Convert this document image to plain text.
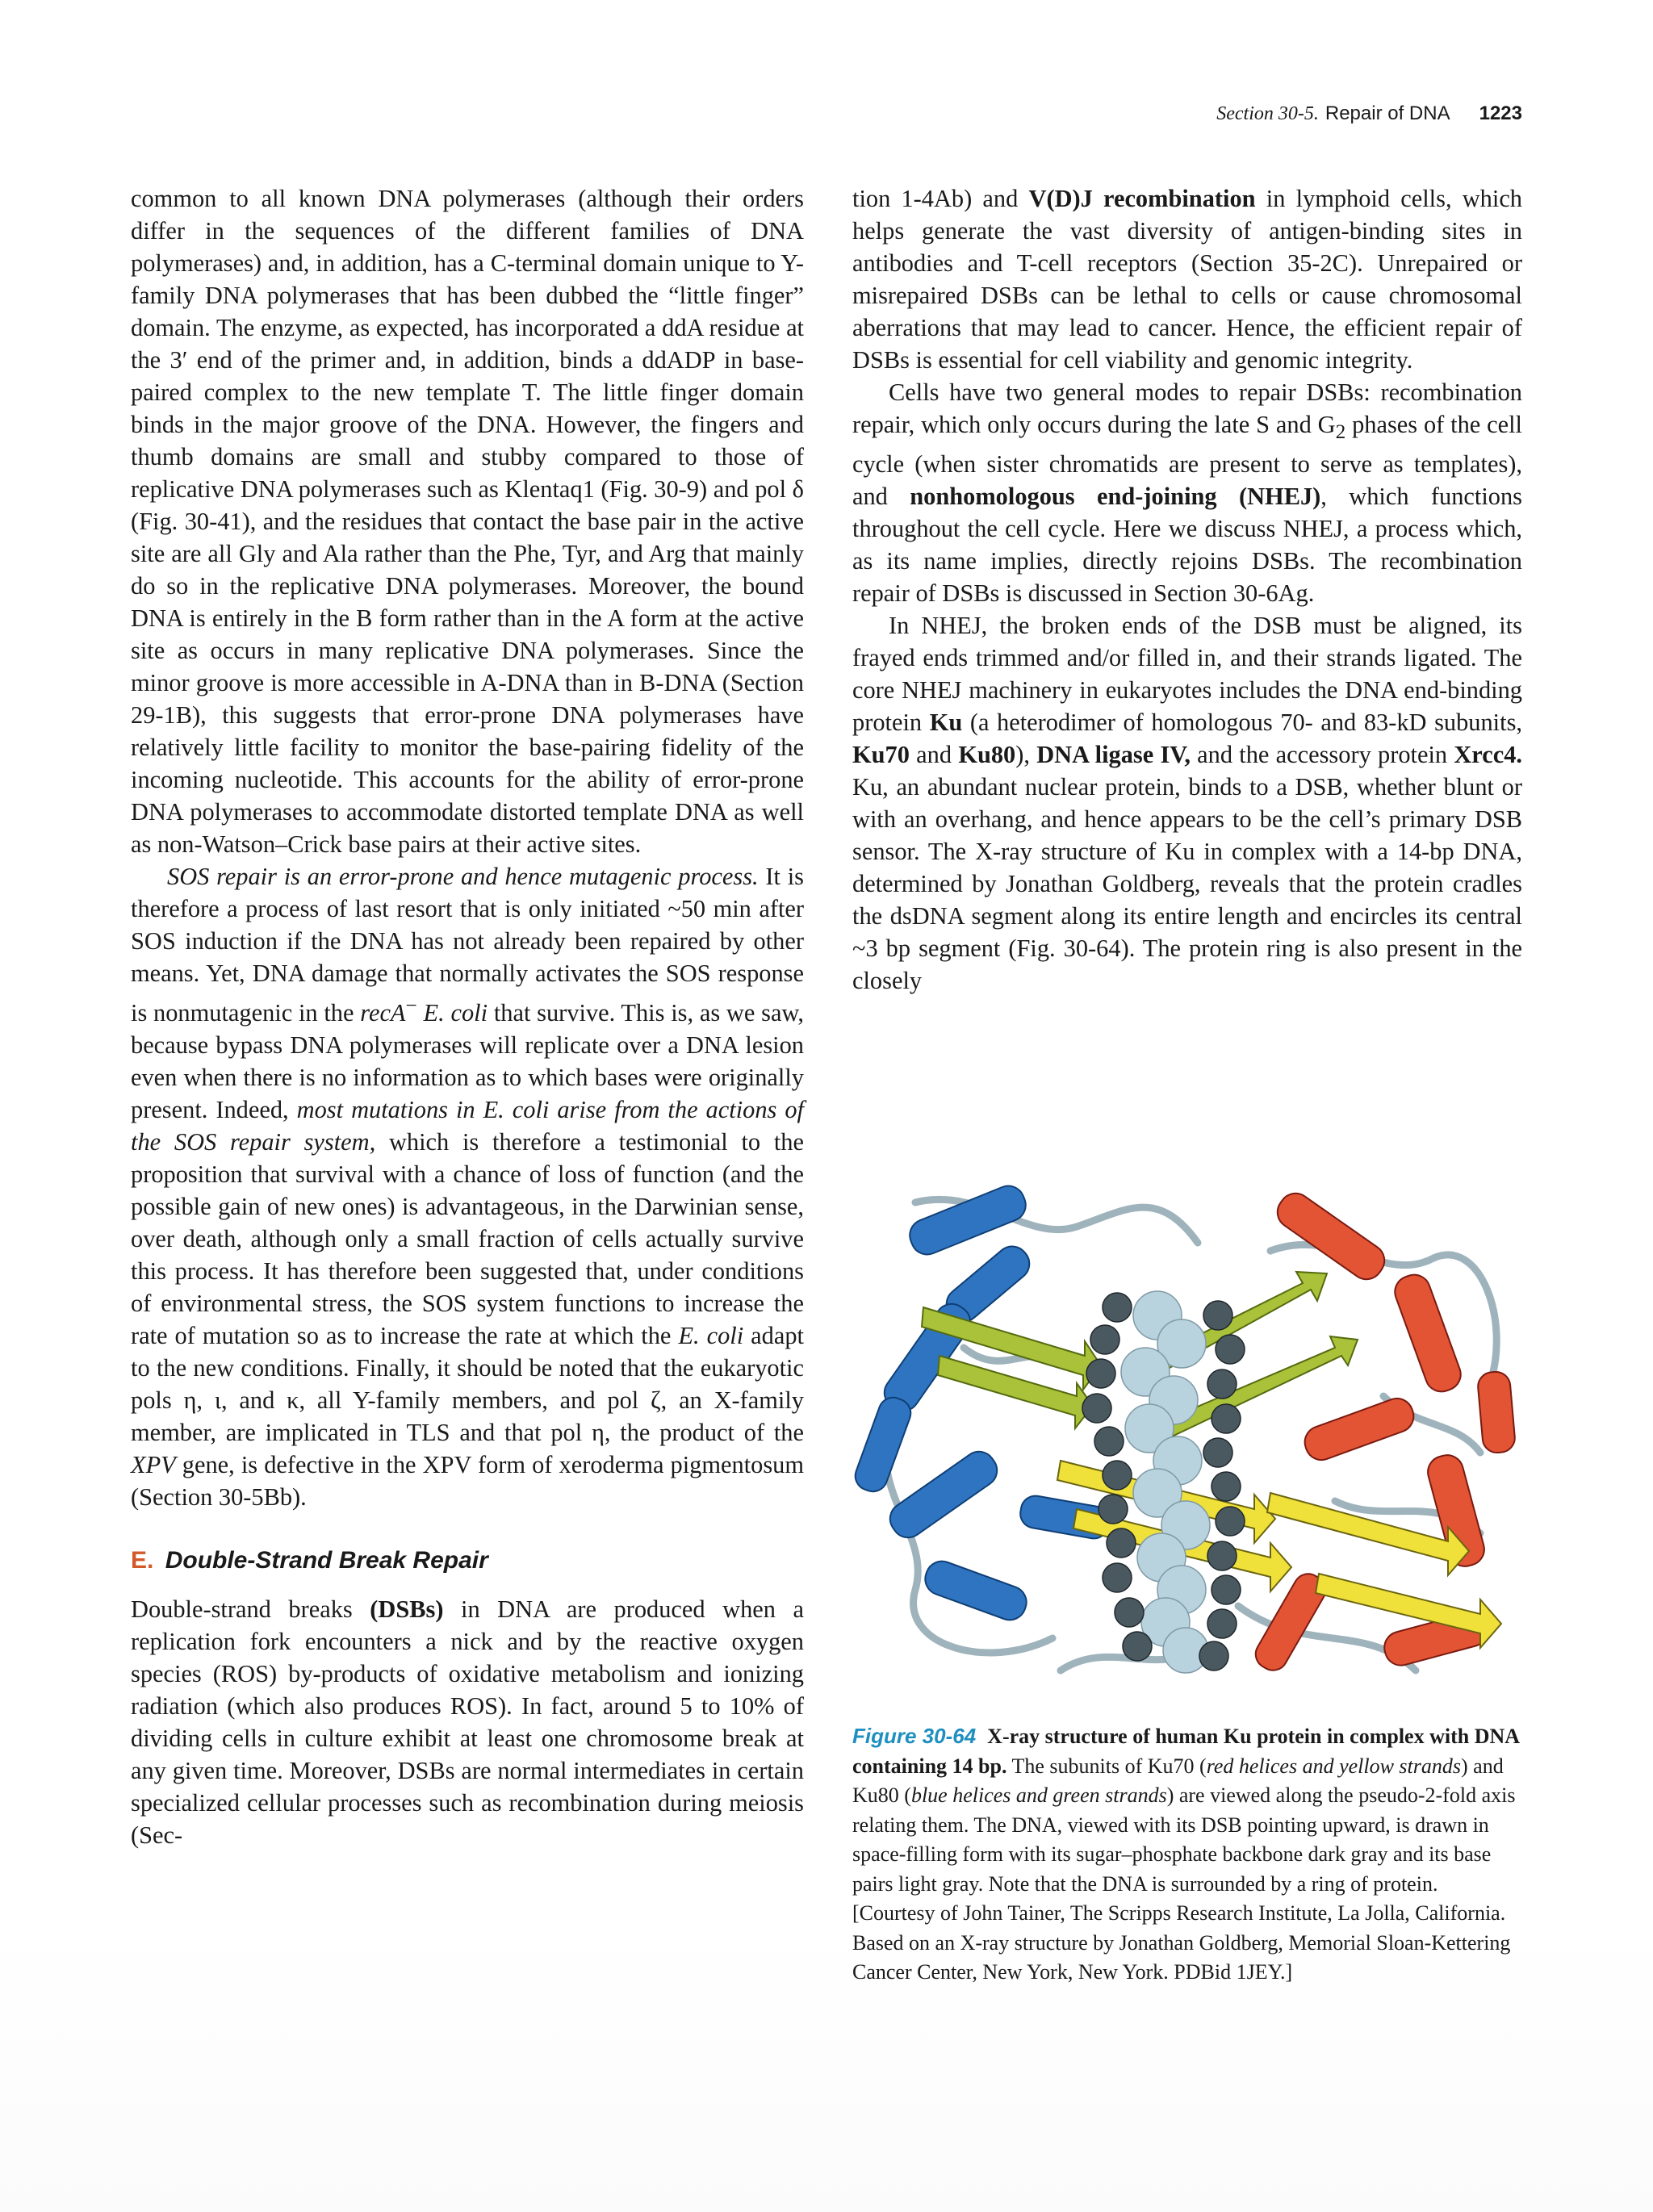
Section 30-5. Repair of DNA 1223

common to all known DNA polymerases (although their orders differ in the sequences of the different families of DNA polymerases) and, in addition, has a C-terminal domain unique to Y-family DNA polymerases that has been dubbed the “little finger” domain. The enzyme, as expected, has incorporated a ddA residue at the 3′ end of the primer and, in addition, binds a ddADP in base-paired complex to the new template T. The little finger domain binds in the major groove of the DNA. However, the fingers and thumb domains are small and stubby compared to those of replicative DNA polymerases such as Klentaq1 (Fig. 30-9) and pol δ (Fig. 30-41), and the residues that contact the base pair in the active site are all Gly and Ala rather than the Phe, Tyr, and Arg that mainly do so in the replicative DNA polymerases. Moreover, the bound DNA is entirely in the B form rather than in the A form at the active site as occurs in many replicative DNA polymerases. Since the minor groove is more accessible in A-DNA than in B-DNA (Section 29-1B), this suggests that error-prone DNA polymerases have relatively little facility to monitor the base-pairing fidelity of the incoming nucleotide. This accounts for the ability of error-prone DNA polymerases to accommodate distorted template DNA as well as non-Watson–Crick base pairs at their active sites.

SOS repair is an error-prone and hence mutagenic process. It is therefore a process of last resort that is only initiated ~50 min after SOS induction if the DNA has not already been repaired by other means. Yet, DNA damage that normally activates the SOS response is nonmutagenic in the recA− E. coli that survive. This is, as we saw, because bypass DNA polymerases will replicate over a DNA lesion even when there is no information as to which bases were originally present. Indeed, most mutations in E. coli arise from the actions of the SOS repair system, which is therefore a testimonial to the proposition that survival with a chance of loss of function (and the possible gain of new ones) is advantageous, in the Darwinian sense, over death, although only a small fraction of cells actually survive this process. It has therefore been suggested that, under conditions of environmental stress, the SOS system functions to increase the rate of mutation so as to increase the rate at which the E. coli adapt to the new conditions. Finally, it should be noted that the eukaryotic pols η, ι, and κ, all Y-family members, and pol ζ, an X-family member, are implicated in TLS and that pol η, the product of the XPV gene, is defective in the XPV form of xeroderma pigmentosum (Section 30-5Bb).

E. Double-Strand Break Repair

Double-strand breaks (DSBs) in DNA are produced when a replication fork encounters a nick and by the reactive oxygen species (ROS) by-products of oxidative metabolism and ionizing radiation (which also produces ROS). In fact, around 5 to 10% of dividing cells in culture exhibit at least one chromosome break at any given time. Moreover, DSBs are normal intermediates in certain specialized cellular processes such as recombination during meiosis (Sec-

tion 1-4Ab) and V(D)J recombination in lymphoid cells, which helps generate the vast diversity of antigen-binding sites in antibodies and T-cell receptors (Section 35-2C). Unrepaired or misrepaired DSBs can be lethal to cells or cause chromosomal aberrations that may lead to cancer. Hence, the efficient repair of DSBs is essential for cell viability and genomic integrity.

Cells have two general modes to repair DSBs: recombination repair, which only occurs during the late S and $G_2$ phases of the cell cycle (when sister chromatids are present to serve as templates), and nonhomologous end-joining (NHEJ), which functions throughout the cell cycle. Here we discuss NHEJ, a process which, as its name implies, directly rejoins DSBs. The recombination repair of DSBs is discussed in Section 30-6Ag.

In NHEJ, the broken ends of the DSB must be aligned, its frayed ends trimmed and/or filled in, and their strands ligated. The core NHEJ machinery in eukaryotes includes the DNA end-binding protein Ku (a heterodimer of homologous 70- and 83-kD subunits, Ku70 and Ku80), DNA ligase IV, and the accessory protein Xrcc4. Ku, an abundant nuclear protein, binds to a DSB, whether blunt or with an overhang, and hence appears to be the cell’s primary DSB sensor. The X-ray structure of Ku in complex with a 14-bp DNA, determined by Jonathan Goldberg, reveals that the protein cradles the dsDNA segment along its entire length and encircles its central ~3 bp segment (Fig. 30-64). The protein ring is also present in the closely

Figure 30-64 X-ray structure of human Ku protein in complex with DNA containing 14 bp. The subunits of Ku70 (red helices and yellow strands) and Ku80 (blue helices and green strands) are viewed along the pseudo-2-fold axis relating them. The DNA, viewed with its DSB pointing upward, is drawn in space-filling form with its sugar–phosphate backbone dark gray and its base pairs light gray. Note that the DNA is surrounded by a ring of protein. [Courtesy of John Tainer, The Scripps Research Institute, La Jolla, California. Based on an X-ray structure by Jonathan Goldberg, Memorial Sloan-Kettering Cancer Center, New York, New York. PDBid 1JEY.]
